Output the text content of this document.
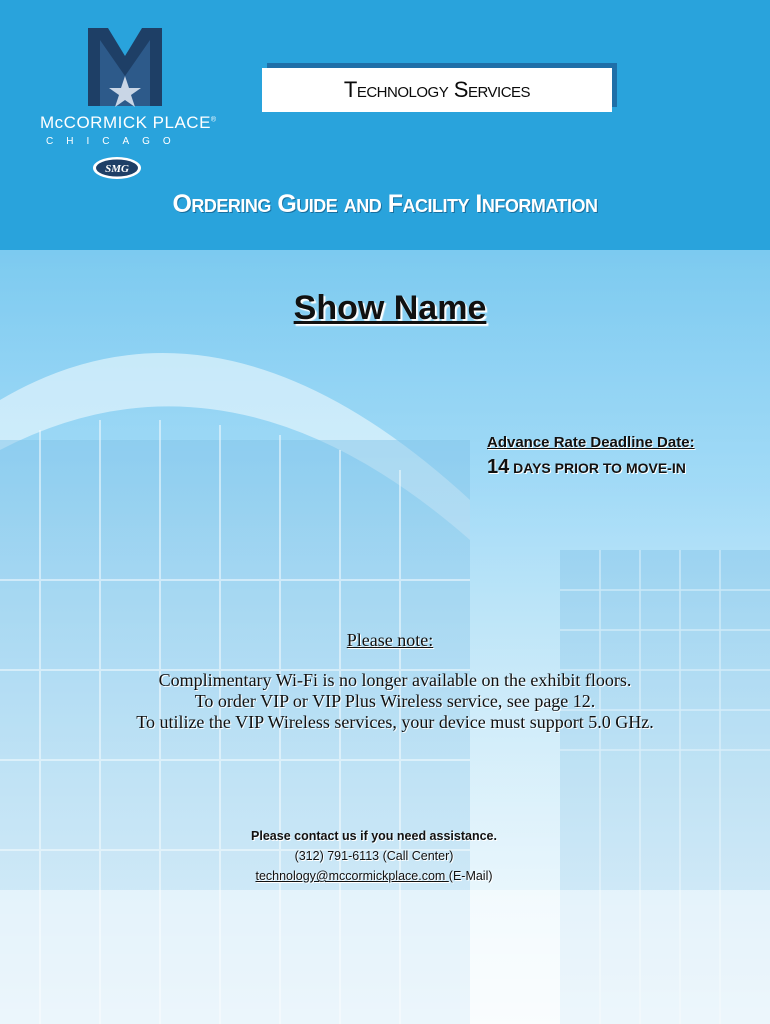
McCORMICK PLACE®
CHICAGO
SMG
Technology Services
Ordering Guide and Facility Information
Show Name
Advance Rate Deadline Date:
14 DAYS PRIOR TO MOVE-IN
Please note:
Complimentary Wi-Fi is no longer available on the exhibit floors.
To order VIP or VIP Plus Wireless service, see page 12.
To utilize the VIP Wireless services, your device must support 5.0 GHz.
Please contact us if you need assistance.
(312) 791-6113 (Call Center)
technology@mccormickplace.com (E-Mail)
